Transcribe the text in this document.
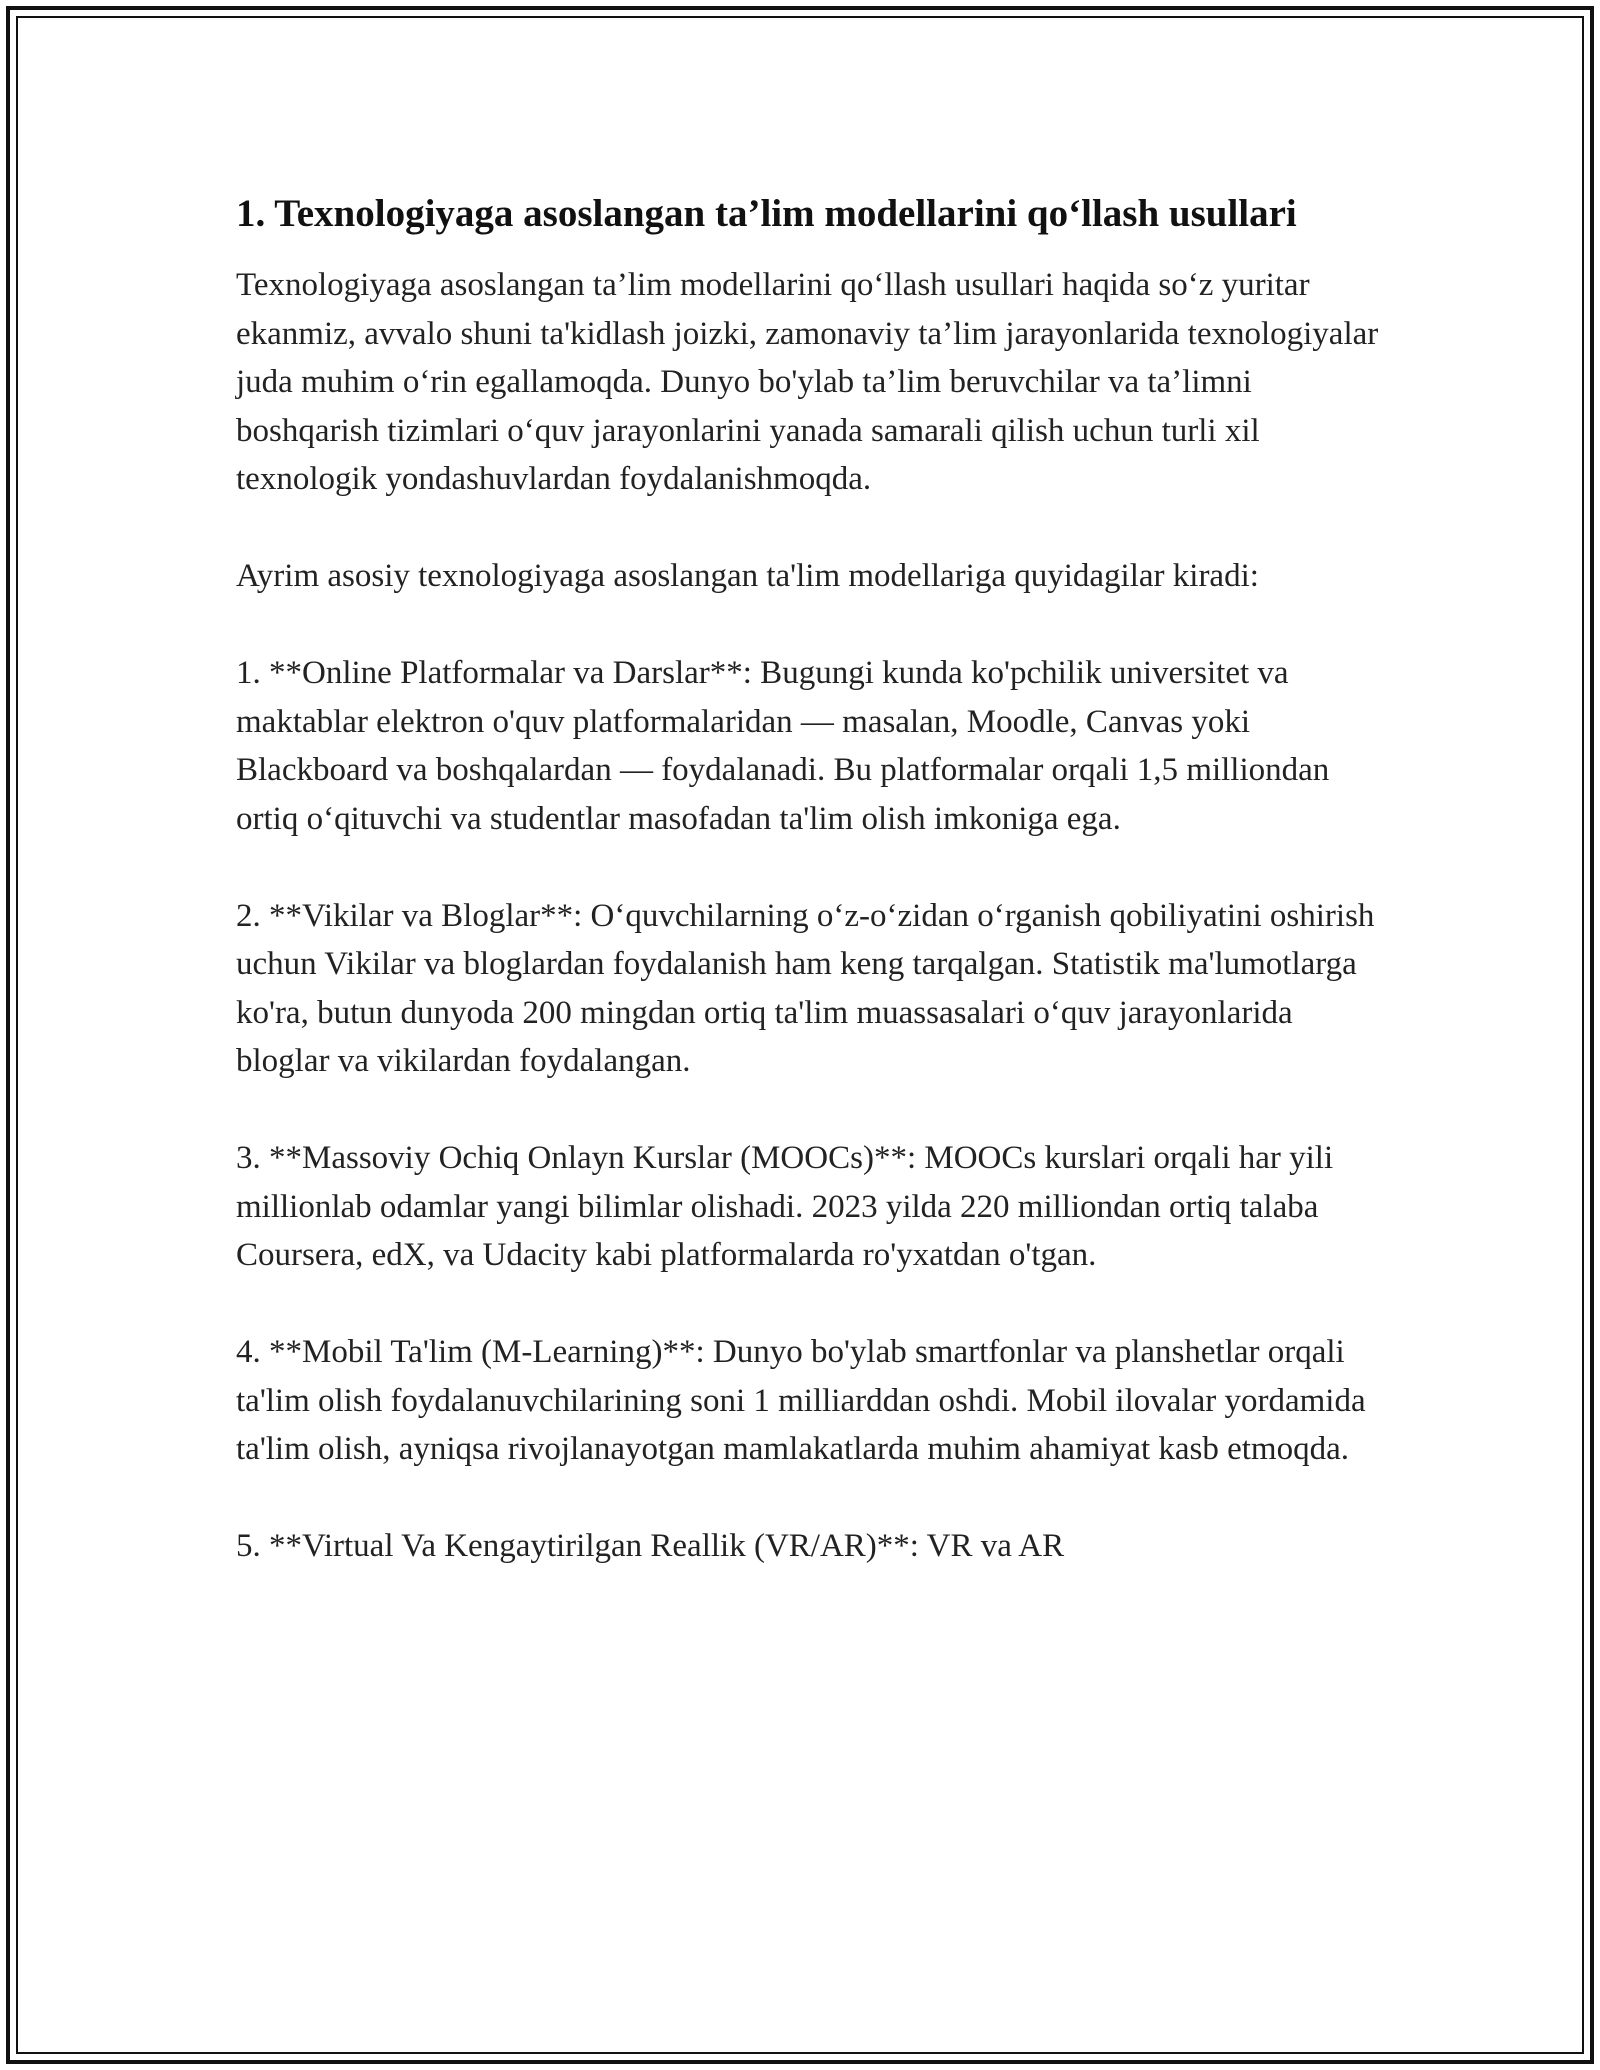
1. Texnologiyaga asoslangan ta’lim modellarini qo‘llash usullari

Texnologiyaga asoslangan ta’lim modellarini qo‘llash usullari haqida so‘z yuritar ekanmiz, avvalo shuni ta'kidlash joizki, zamonaviy ta’lim jarayonlarida texnologiyalar juda muhim o‘rin egallamoqda. Dunyo bo'ylab ta’lim beruvchilar va ta’limni boshqarish tizimlari o‘quv jarayonlarini yanada samarali qilish uchun turli xil texnologik yondashuvlardan foydalanishmoqda.

Ayrim asosiy texnologiyaga asoslangan ta'lim modellariga quyidagilar kiradi:

1. **Online Platformalar va Darslar**: Bugungi kunda ko'pchilik universitet va maktablar elektron o'quv platformalaridan — masalan, Moodle, Canvas yoki Blackboard va boshqalardan — foydalanadi. Bu platformalar orqali 1,5 milliondan ortiq o‘qituvchi va studentlar masofadan ta'lim olish imkoniga ega.

2. **Vikilar va Bloglar**: O‘quvchilarning o‘z-o‘zidan o‘rganish qobiliyatini oshirish uchun Vikilar va bloglardan foydalanish ham keng tarqalgan. Statistik ma'lumotlarga ko'ra, butun dunyoda 200 mingdan ortiq ta'lim muassasalari o‘quv jarayonlarida bloglar va vikilardan foydalangan.

3. **Massoviy Ochiq Onlayn Kurslar (MOOCs)**: MOOCs kurslari orqali har yili millionlab odamlar yangi bilimlar olishadi. 2023 yilda 220 milliondan ortiq talaba Coursera, edX, va Udacity kabi platformalarda ro'yxatdan o'tgan.

4. **Mobil Ta'lim (M-Learning)**: Dunyo bo'ylab smartfonlar va planshetlar orqali ta'lim olish foydalanuvchilarining soni 1 milliarddan oshdi. Mobil ilovalar yordamida ta'lim olish, ayniqsa rivojlanayotgan mamlakatlarda muhim ahamiyat kasb etmoqda.

5. **Virtual Va Kengaytirilgan Reallik (VR/AR)**: VR va AR
